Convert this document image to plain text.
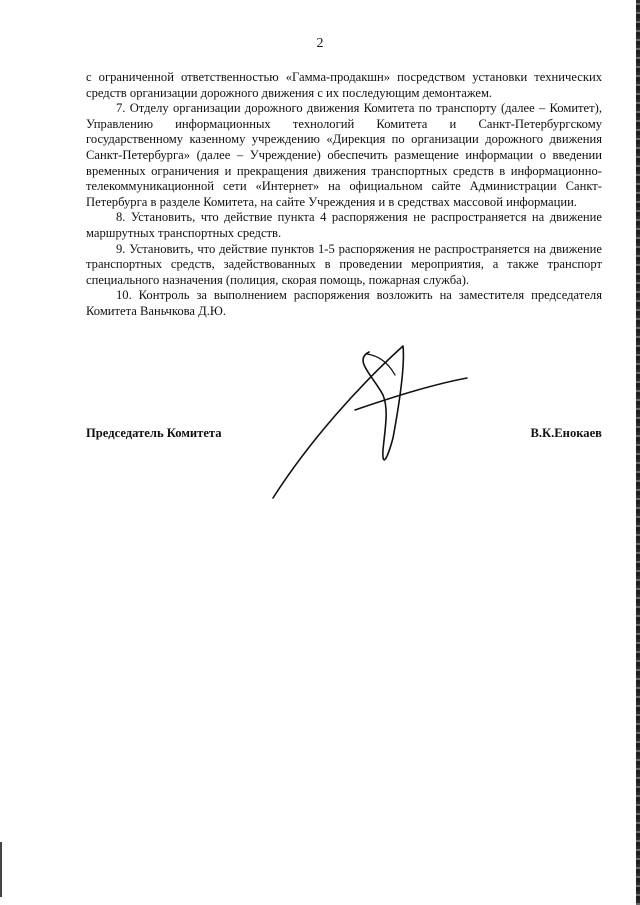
2

с ограниченной ответственностью «Гамма-продакшн» посредством установки технических средств организации дорожного движения с их последующим демонтажем.

7. Отделу организации дорожного движения Комитета по транспорту (далее – Комитет), Управлению информационных технологий Комитета и Санкт-Петербургскому государственному казенному учреждению «Дирекция по организации дорожного движения Санкт-Петербурга» (далее – Учреждение) обеспечить размещение информации о введении временных ограничения и прекращения движения транспортных средств в информационно-телекоммуникационной сети «Интернет» на официальном сайте Администрации Санкт-Петербурга в разделе Комитета, на сайте Учреждения и в средствах массовой информации.

8. Установить, что действие пункта 4 распоряжения не распространяется на движение маршрутных транспортных средств.

9. Установить, что действие пунктов 1-5 распоряжения не распространяется на движение транспортных средств, задействованных в проведении мероприятия, а также транспорт специального назначения (полиция, скорая помощь, пожарная служба).

10. Контроль за выполнением распоряжения возложить на заместителя председателя Комитета Ваньчкова Д.Ю.

Председатель Комитета	В.К.Енокаев
